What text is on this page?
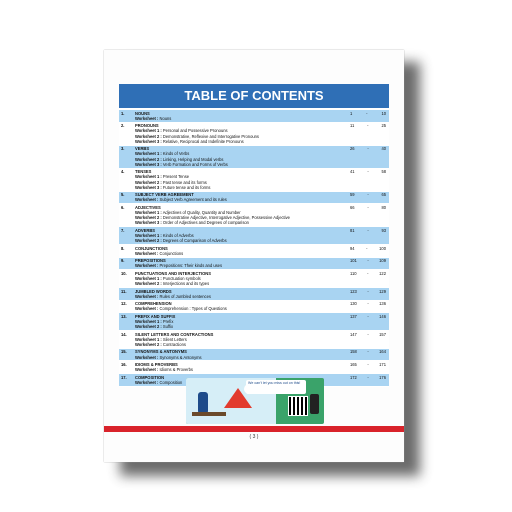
TABLE OF CONTENTS
1.	NOUNS
Worksheet : Nouns
1	-	10
2.	PRONOUNS
Worksheet 1 : Personal and Possessive Pronouns
Worksheet 2 : Demonstrative, Reflexive and Interrogative Pronouns
Worksheet 3 : Relative, Reciprocal and Indefinite Pronouns
11	-	25
3.	VERBS
Worksheet 1 : Kinds of Verbs
Worksheet 2 : Linking, Helping and Modal verbs
Worksheet 3 : Verb Formation and Forms of Verbs
26	-	40
4.	TENSES
Worksheet 1 : Present Tense
Worksheet 2 : Past tense and its forms
Worksheet 3 : Future tense and its forms
41	-	58
5.	SUBJECT VERB AGREEMENT
Worksheet : Subject Verb Agreement and its rules
59	-	65
6.	ADJECTIVES
Worksheet 1 : Adjectives of Quality, Quantity and Number
Worksheet 2 : Demonstrative Adjective, Interrogative Adjective, Possessive Adjective
Worksheet 3 : Order of Adjectives and Degrees of comparison
66	-	80
7.	ADVERBS
Worksheet 1 : Kinds of Adverbs
Worksheet 2 : Degrees of Comparison of Adverbs
81	-	93
8.	CONJUNCTIONS
Worksheet : Conjunctions
94	-	100
9.	PREPOSITIONS
Worksheet : Prepositions: Their kinds and uses
101	-	109
10.	PUNCTUATIONS AND INTERJECTIONS
Worksheet 1 : Punctuation symbols
Worksheet 2 : Interjections and its types
110	-	122
11.	JUMBLED WORDS
Worksheet : Rules of Jumbled sentences
123	-	129
12.	COMPREHENSION
Worksheet : Comprehension : Types of Questions
130	-	136
13.	PREFIX AND SUFFIX
Worksheet 1 : Prefix
Worksheet 2 : Suffix
137	-	146
14.	SILENT LETTERS AND CONTRACTIONS
Worksheet 1 : Silent Letters
Worksheet 2 : Contractions
147	-	157
15.	SYNONYMS & ANTONYMS
Worksheet : Synonyms & Antonyms
158	-	164
16.	IDIOMS & PROVERBS
Worksheet : Idioms & Proverbs
165	-	171
17.	COMPOSITION
Worksheet : Composition
172	-	176
We can't let you miss out on this!
( 3 )
